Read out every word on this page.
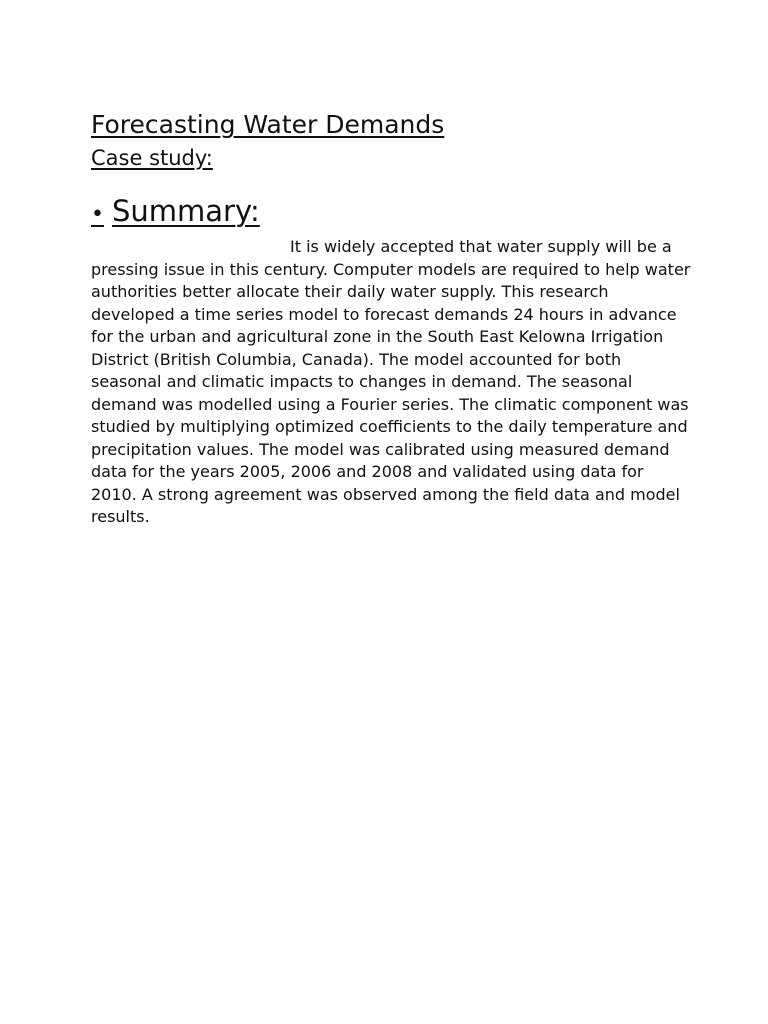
Forecasting Water Demands
Case study:
• Summary:

It is widely accepted that water supply will be a pressing issue in this century. Computer models are required to help water authorities better allocate their daily water supply. This research developed a time series model to forecast demands 24 hours in advance for the urban and agricultural zone in the South East Kelowna Irrigation District (British Columbia, Canada). The model accounted for both seasonal and climatic impacts to changes in demand. The seasonal demand was modelled using a Fourier series. The climatic component was studied by multiplying optimized coefficients to the daily temperature and precipitation values. The model was calibrated using measured demand data for the years 2005, 2006 and 2008 and validated using data for 2010. A strong agreement was observed among the field data and model results.
